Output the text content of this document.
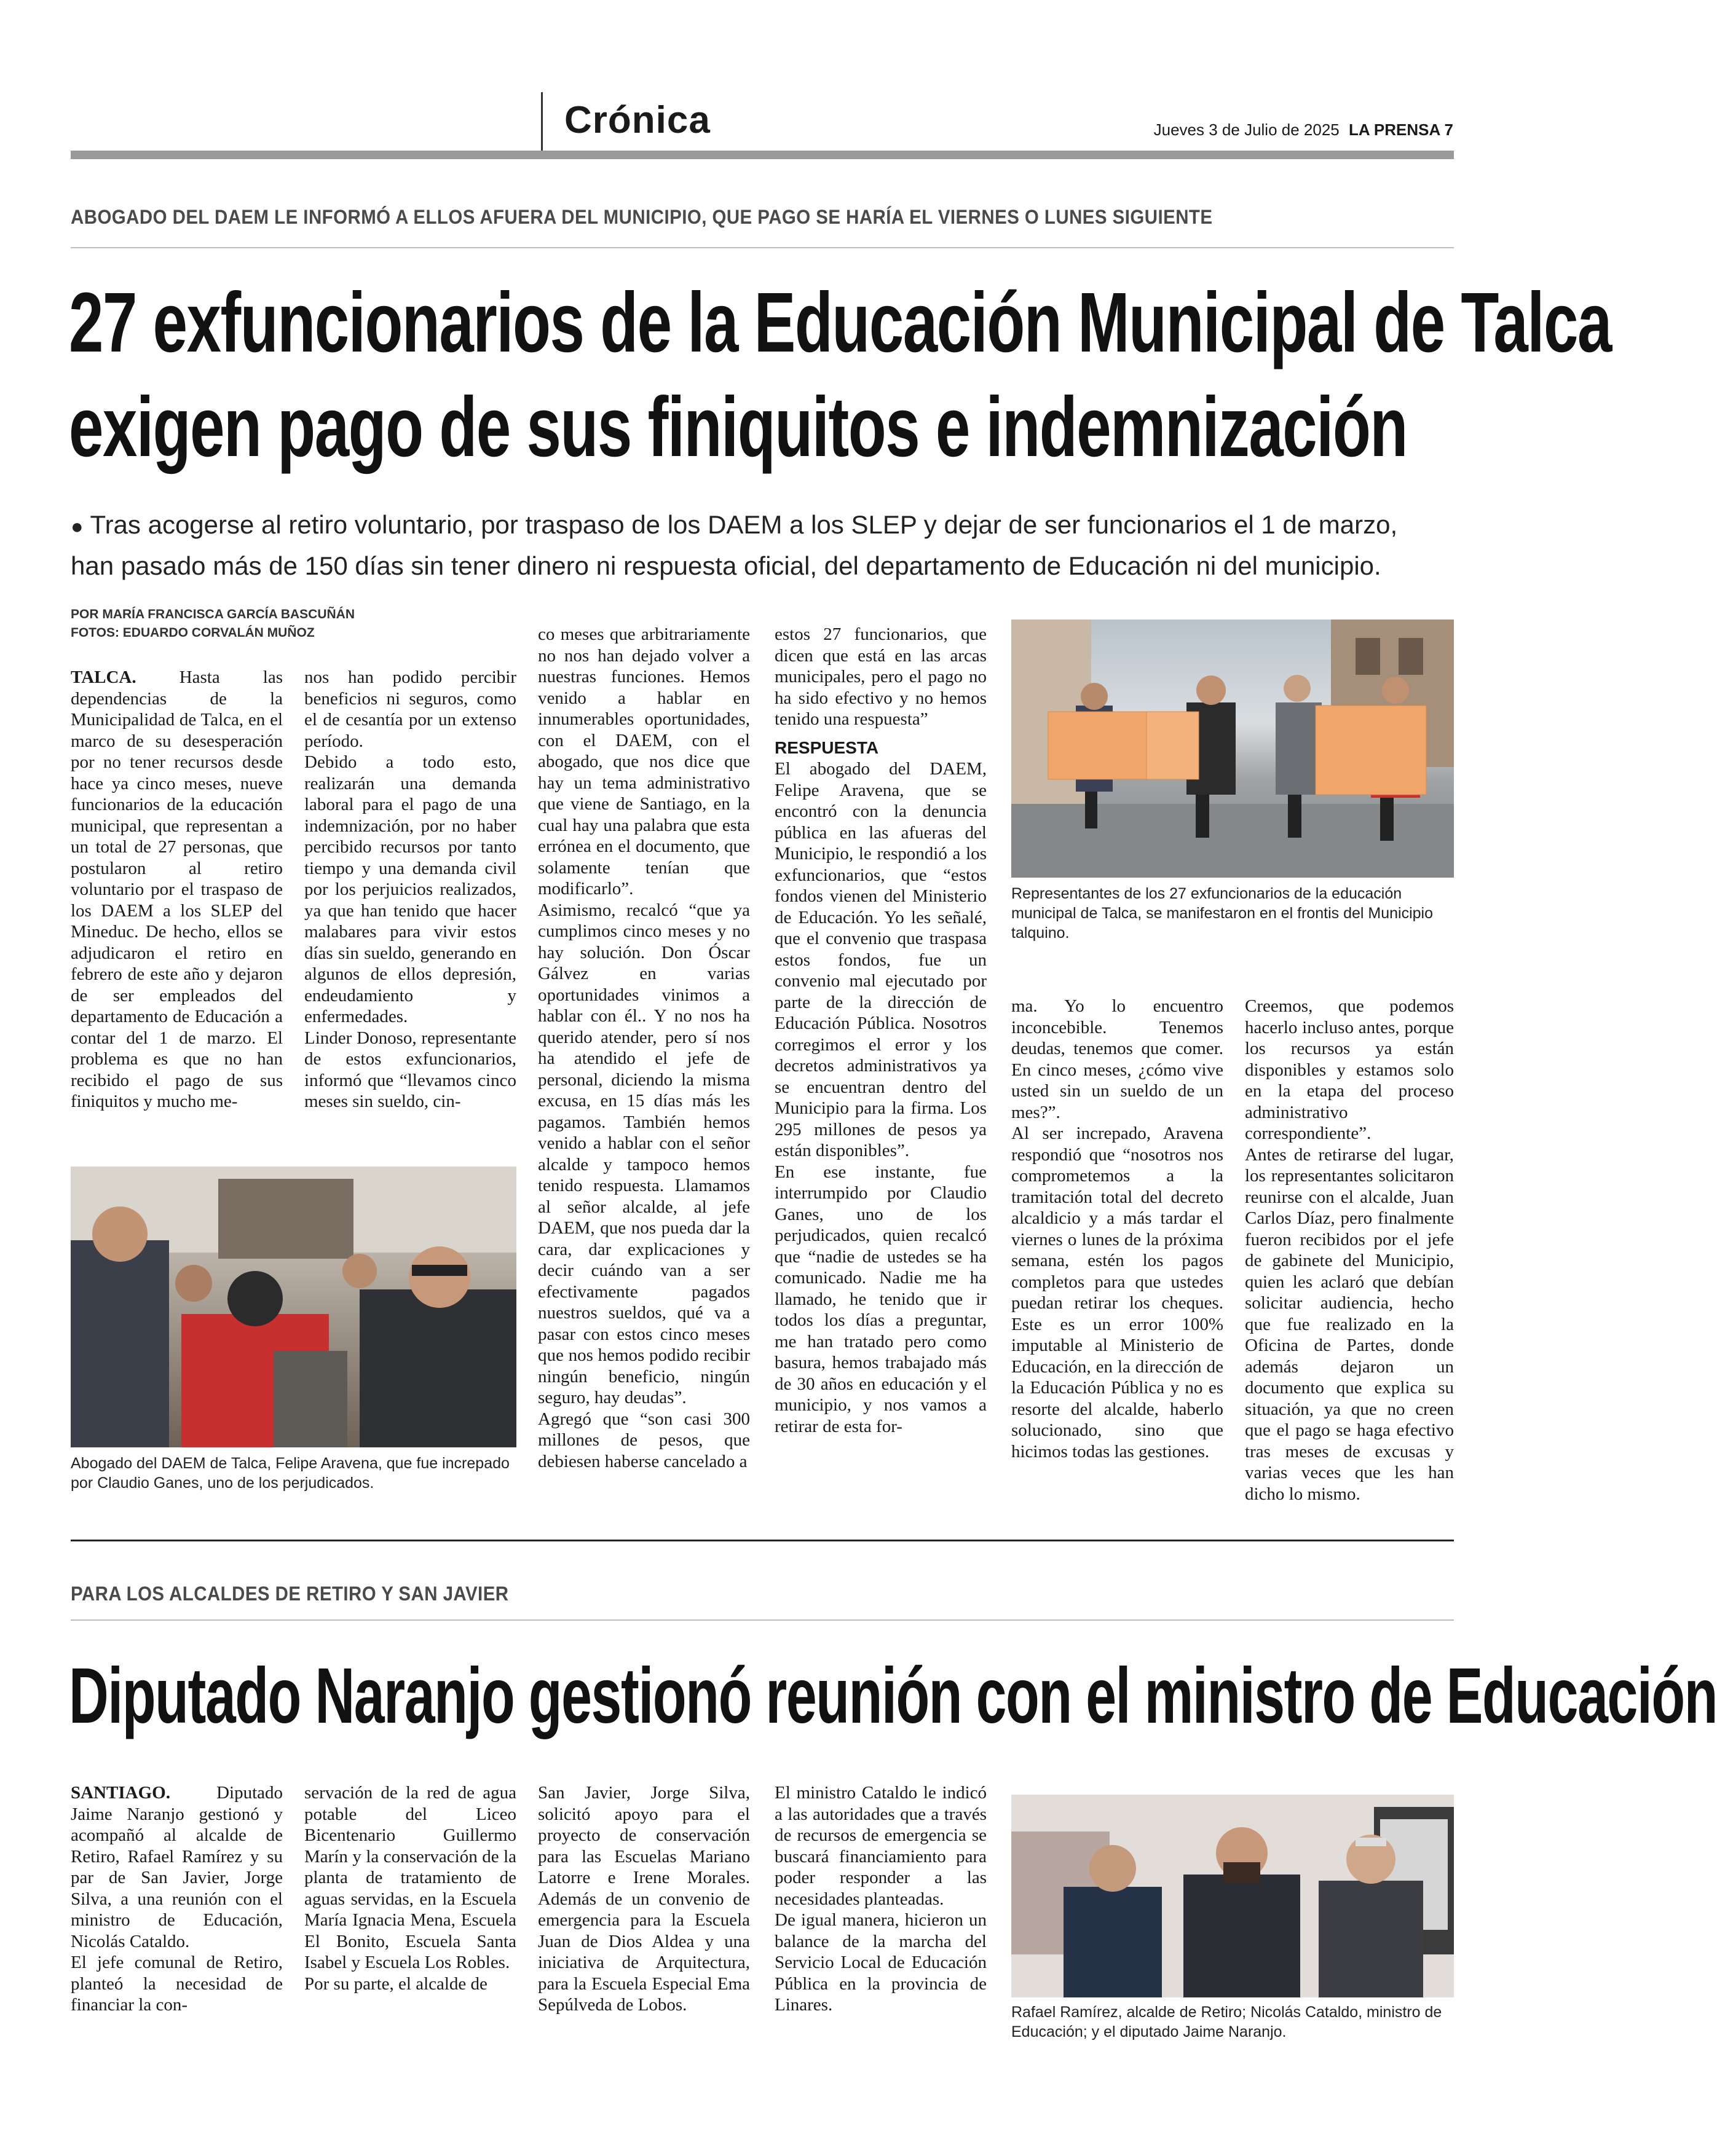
Crónica	Jueves 3 de Julio de 2025 LA PRENSA 7
ABOGADO DEL DAEM LE INFORMÓ A ELLOS AFUERA DEL MUNICIPIO, QUE PAGO SE HARÍA EL VIERNES O LUNES SIGUIENTE
27 exfuncionarios de la Educación Municipal de Talca
exigen pago de sus finiquitos e indemnización
● Tras acogerse al retiro voluntario, por traspaso de los DAEM a los SLEP y dejar de ser funcionarios el 1 de marzo,
han pasado más de 150 días sin tener dinero ni respuesta oficial, del departamento de Educación ni del municipio.
POR MARÍA FRANCISCA GARCÍA BASCUÑÁN
FOTOS: EDUARDO CORVALÁN MUÑOZ

TALCA. Hasta las dependencias de la Municipalidad de Talca, en el marco de su desesperación por no tener recursos desde hace ya cinco meses, nueve funcionarios de la educación municipal, que representan a un total de 27 personas, que postularon al retiro voluntario por el traspaso de los DAEM a los SLEP del Mineduc. De hecho, ellos se adjudicaron el retiro en febrero de este año y dejaron de ser empleados del departamento de Educación a contar del 1 de marzo. El problema es que no han recibido el pago de sus finiquitos y mucho me-

nos han podido percibir beneficios ni seguros, como el de cesantía por un extenso período.

Debido a todo esto, realizarán una demanda laboral para el pago de una indemnización, por no haber percibido recursos por tanto tiempo y una demanda civil por los perjuicios realizados, ya que han tenido que hacer malabares para vivir estos días sin sueldo, generando en algunos de ellos depresión, endeudamiento y enfermedades.

Linder Donoso, representante de estos exfuncionarios, informó que “llevamos cinco meses sin sueldo, cin-

co meses que arbitrariamente no nos han dejado volver a nuestras funciones. Hemos venido a hablar en innumerables oportunidades, con el DAEM, con el abogado, que nos dice que hay un tema administrativo que viene de Santiago, en la cual hay una palabra que esta errónea en el documento, que solamente tenían que modificarlo”.

Asimismo, recalcó “que ya cumplimos cinco meses y no hay solución. Don Óscar Gálvez en varias oportunidades vinimos a hablar con él.. Y no nos ha querido atender, pero sí nos ha atendido el jefe de personal, diciendo la misma excusa, en 15 días más les pagamos. También hemos venido a hablar con el señor alcalde y tampoco hemos tenido respuesta. Llamamos al señor alcalde, al jefe DAEM, que nos pueda dar la cara, dar explicaciones y decir cuándo van a ser efectivamente pagados nuestros sueldos, qué va a pasar con estos cinco meses que nos hemos podido recibir ningún beneficio, ningún seguro, hay deudas”.

Agregó que “son casi 300 millones de pesos, que debiesen haberse cancelado a

estos 27 funcionarios, que dicen que está en las arcas municipales, pero el pago no ha sido efectivo y no hemos tenido una respuesta”

RESPUESTA

El abogado del DAEM, Felipe Aravena, que se encontró con la denuncia pública en las afueras del Municipio, le respondió a los exfuncionarios, que “estos fondos vienen del Ministerio de Educación. Yo les señalé, que el convenio que traspasa estos fondos, fue un convenio mal ejecutado por parte de la dirección de Educación Pública. Nosotros corregimos el error y los decretos administrativos ya se encuentran dentro del Municipio para la firma. Los 295 millones de pesos ya están disponibles”.

En ese instante, fue interrumpido por Claudio Ganes, uno de los perjudicados, quien recalcó que “nadie de ustedes se ha comunicado. Nadie me ha llamado, he tenido que ir todos los días a preguntar, me han tratado pero como basura, hemos trabajado más de 30 años en educación y el municipio, y nos vamos a retirar de esta for-

ma. Yo lo encuentro inconcebible. Tenemos deudas, tenemos que comer. En cinco meses, ¿cómo vive usted sin un sueldo de un mes?”.

Al ser increpado, Aravena respondió que “nosotros nos comprometemos a la tramitación total del decreto alcaldicio y a más tardar el viernes o lunes de la próxima semana, estén los pagos completos para que ustedes puedan retirar los cheques. Este es un error 100% imputable al Ministerio de Educación, en la dirección de la Educación Pública y no es resorte del alcalde, haberlo solucionado, sino que hicimos todas las gestiones.

Creemos, que podemos hacerlo incluso antes, porque los recursos ya están disponibles y estamos solo en la etapa del proceso administrativo correspondiente”.

Antes de retirarse del lugar, los representantes solicitaron reunirse con el alcalde, Juan Carlos Díaz, pero finalmente fueron recibidos por el jefe de gabinete del Municipio, quien les aclaró que debían solicitar audiencia, hecho que fue realizado en la Oficina de Partes, donde además dejaron un documento que explica su situación, ya que no creen que el pago se haga efectivo tras meses de excusas y varias veces que les han dicho lo mismo.

Representantes de los 27 exfuncionarios de la educación municipal de Talca, se manifestaron en el frontis del Municipio talquino.
Abogado del DAEM de Talca, Felipe Aravena, que fue increpado por Claudio Ganes, uno de los perjudicados.
PARA LOS ALCALDES DE RETIRO Y SAN JAVIER
Diputado Naranjo gestionó reunión con el ministro de Educación

SANTIAGO. Diputado Jaime Naranjo gestionó y acompañó al alcalde de Retiro, Rafael Ramírez y su par de San Javier, Jorge Silva, a una reunión con el ministro de Educación, Nicolás Cataldo.

El jefe comunal de Retiro, planteó la necesidad de financiar la con-

servación de la red de agua potable del Liceo Bicentenario Guillermo Marín y la conservación de la planta de tratamiento de aguas servidas, en la Escuela María Ignacia Mena, Escuela El Bonito, Escuela Santa Isabel y Escuela Los Robles.

Por su parte, el alcalde de

San Javier, Jorge Silva, solicitó apoyo para el proyecto de conservación para las Escuelas Mariano Latorre e Irene Morales. Además de un convenio de emergencia para la Escuela Juan de Dios Aldea y una iniciativa de Arquitectura, para la Escuela Especial Ema Sepúlveda de Lobos.

El ministro Cataldo le indicó a las autoridades que a través de recursos de emergencia se buscará financiamiento para poder responder a las necesidades planteadas.

De igual manera, hicieron un balance de la marcha del Servicio Local de Educación Pública en la provincia de Linares.	Rafael Ramírez, alcalde de Retiro; Nicolás Cataldo, ministro de Educación; y el diputado Jaime Naranjo.
